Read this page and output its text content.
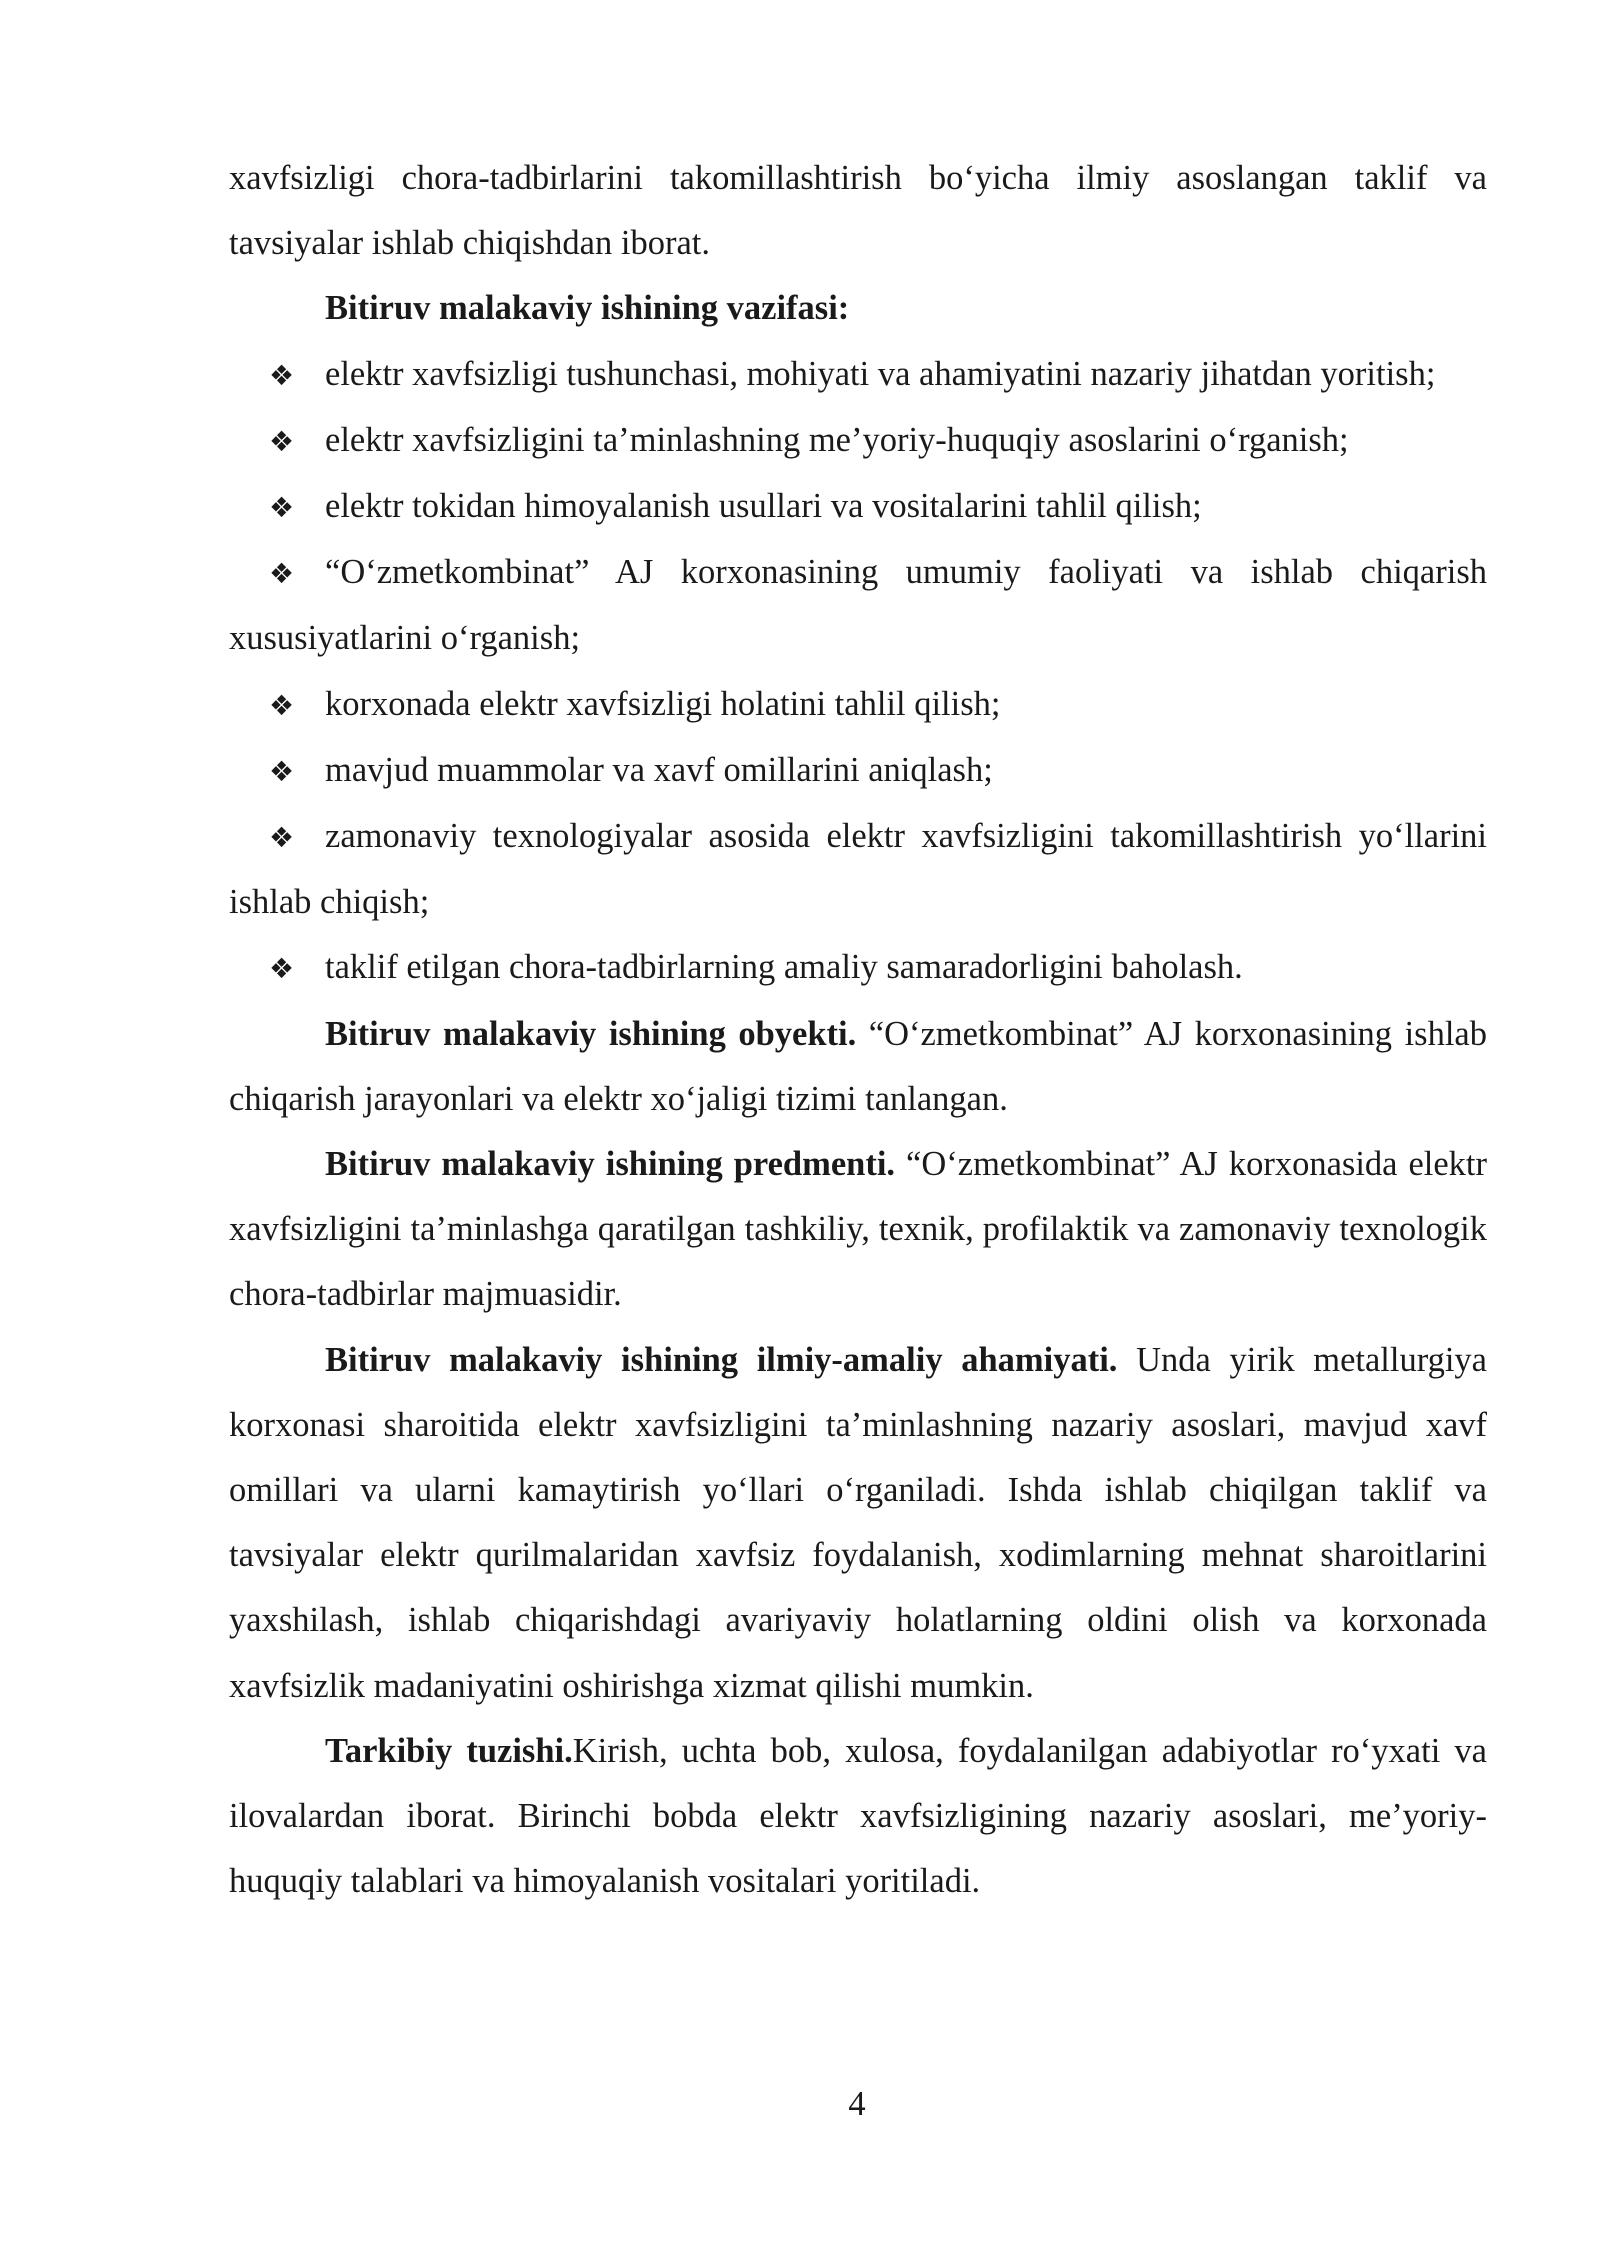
xavfsizligi chora-tadbirlarini takomillashtirish bo‘yicha ilmiy asoslangan taklif va tavsiyalar ishlab chiqishdan iborat.

Bitiruv malakaviy ishining vazifasi:

❖ elektr xavfsizligi tushunchasi, mohiyati va ahamiyatini nazariy jihatdan yoritish;

❖ elektr xavfsizligini ta’minlashning me’yoriy-huquqiy asoslarini o‘rganish;

❖ elektr tokidan himoyalanish usullari va vositalarini tahlil qilish;

❖ “O‘zmetkombinat” AJ korxonasining umumiy faoliyati va ishlab chiqarish xususiyatlarini o‘rganish;

❖ korxonada elektr xavfsizligi holatini tahlil qilish;

❖ mavjud muammolar va xavf omillarini aniqlash;

❖ zamonaviy texnologiyalar asosida elektr xavfsizligini takomillashtirish yo‘llarini ishlab chiqish;

❖ taklif etilgan chora-tadbirlarning amaliy samaradorligini baholash.

Bitiruv malakaviy ishining obyekti. “O‘zmetkombinat” AJ korxonasining ishlab chiqarish jarayonlari va elektr xo‘jaligi tizimi tanlangan.

Bitiruv malakaviy ishining predmenti. “O‘zmetkombinat” AJ korxonasida elektr xavfsizligini ta’minlashga qaratilgan tashkiliy, texnik, profilaktik va zamonaviy texnologik chora-tadbirlar majmuasidir.

Bitiruv malakaviy ishining ilmiy-amaliy ahamiyati. Unda yirik metallurgiya korxonasi sharoitida elektr xavfsizligini ta’minlashning nazariy asoslari, mavjud xavf omillari va ularni kamaytirish yo‘llari o‘rganiladi. Ishda ishlab chiqilgan taklif va tavsiyalar elektr qurilmalaridan xavfsiz foydalanish, xodimlarning mehnat sharoitlarini yaxshilash, ishlab chiqarishdagi avariyaviy holatlarning oldini olish va korxonada xavfsizlik madaniyatini oshirishga xizmat qilishi mumkin.

Tarkibiy tuzishi.Kirish, uchta bob, xulosa, foydalanilgan adabiyotlar ro‘yxati va ilovalardan iborat. Birinchi bobda elektr xavfsizligining nazariy asoslari, me’yoriy-huquqiy talablari va himoyalanish vositalari yoritiladi.

4
